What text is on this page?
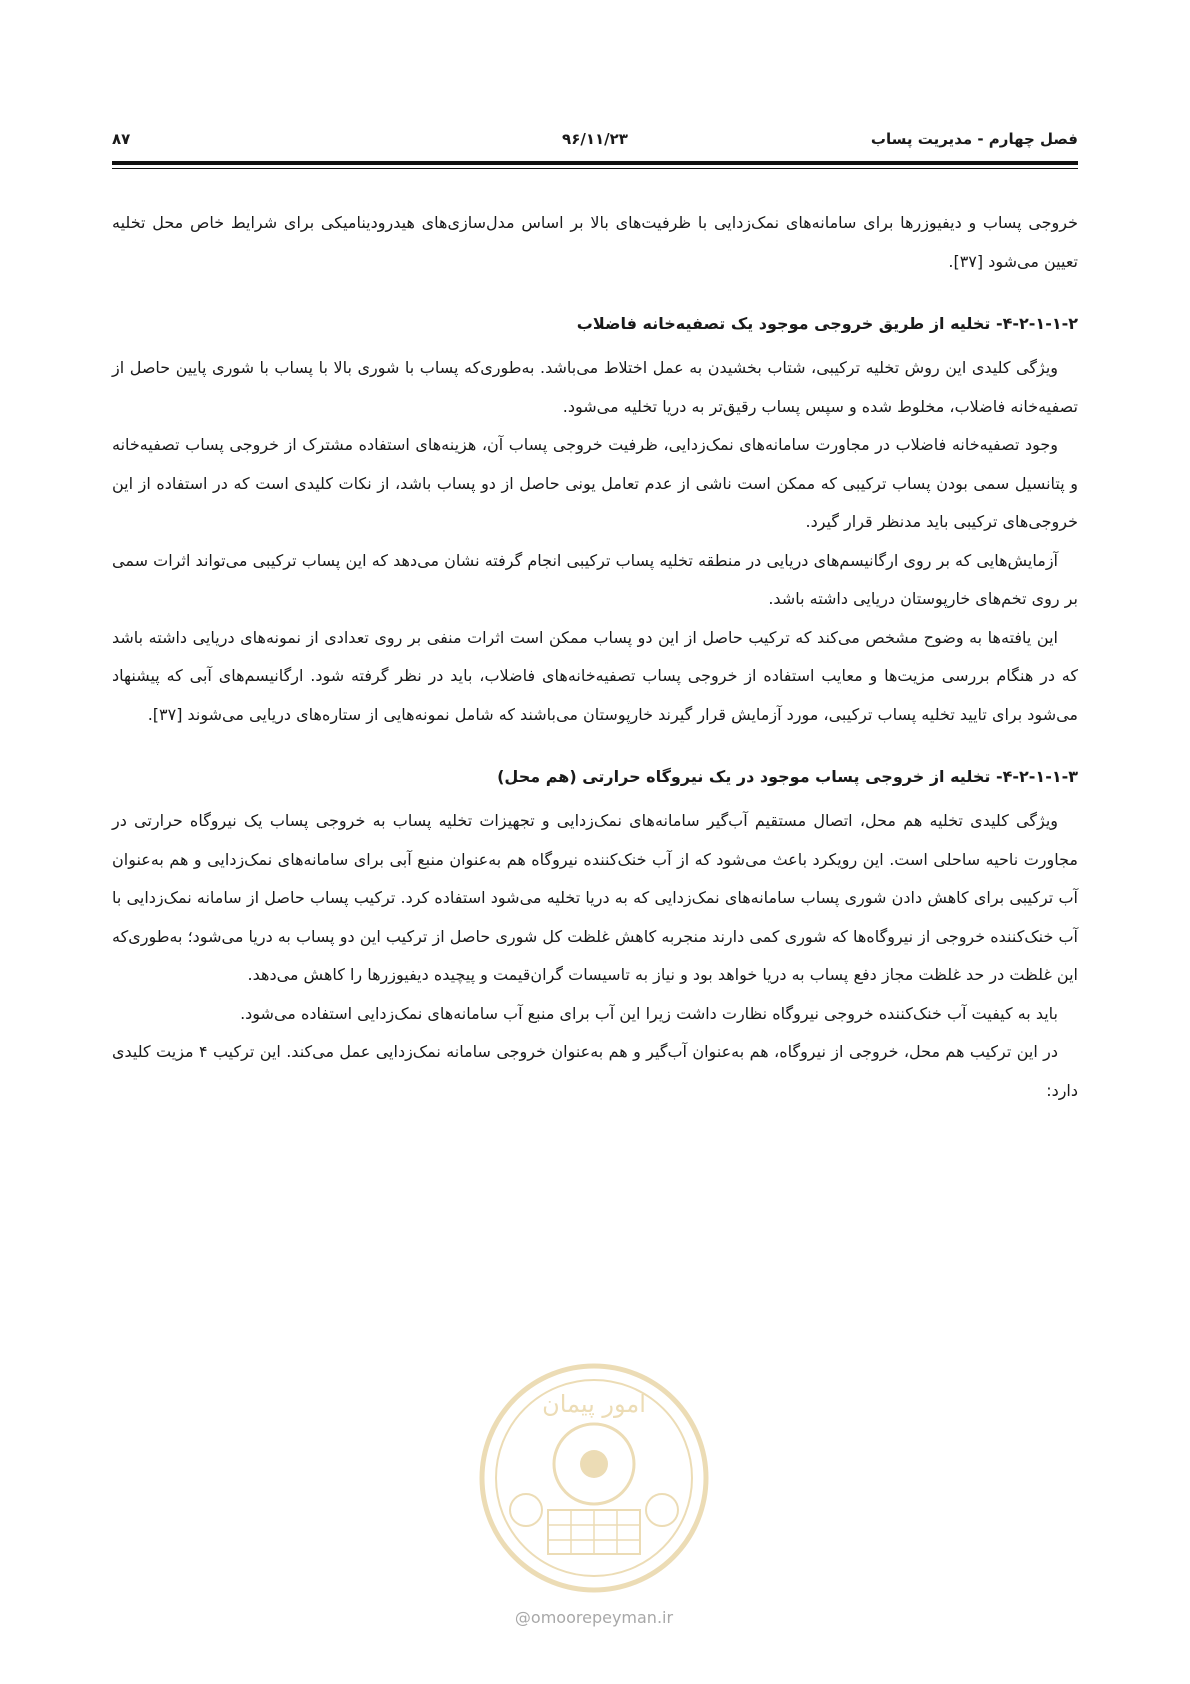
۸۷	۹۶/۱۱/۲۳	فصل چهارم - مدیریت پساب

خروجی پساب و دیفیوزرها برای سامانه‌های نمک‌زدایی با ظرفیت‌های بالا بر اساس مدل‌سازی‌های هیدرودینامیکی برای شرایط خاص محل تخلیه تعیین می‌شود [۳۷].

۴-۲-۱-۱-۲- تخلیه از طریق خروجی موجود یک تصفیه‌خانه فاضلاب

ویژگی کلیدی این روش تخلیه ترکیبی، شتاب بخشیدن به عمل اختلاط می‌باشد. به‌طوری‌که پساب با شوری بالا با پساب با شوری پایین حاصل از تصفیه‌خانه فاضلاب، مخلوط شده و سپس پساب رقیق‌تر به دریا تخلیه می‌شود.

وجود تصفیه‌خانه فاضلاب در مجاورت سامانه‌های نمک‌زدایی، ظرفیت خروجی پساب آن، هزینه‌های استفاده مشترک از خروجی پساب تصفیه‌خانه و پتانسیل سمی بودن پساب ترکیبی که ممکن است ناشی از عدم تعامل یونی حاصل از دو پساب باشد، از نکات کلیدی است که در استفاده از این خروجی‌های ترکیبی باید مدنظر قرار گیرد.

آزمایش‌هایی که بر روی ارگانیسم‌های دریایی در منطقه تخلیه پساب ترکیبی انجام گرفته نشان می‌دهد که این پساب ترکیبی می‌تواند اثرات سمی بر روی تخم‌های خارپوستان دریایی داشته باشد.

این یافته‌ها به وضوح مشخص می‌کند که ترکیب حاصل از این دو پساب ممکن است اثرات منفی بر روی تعدادی از نمونه‌های دریایی داشته باشد که در هنگام بررسی مزیت‌ها و معایب استفاده از خروجی پساب تصفیه‌خانه‌های فاضلاب، باید در نظر گرفته شود. ارگانیسم‌های آبی که پیشنهاد می‌شود برای تایید تخلیه پساب ترکیبی، مورد آزمایش قرار گیرند خارپوستان می‌باشند که شامل نمونه‌هایی از ستاره‌های دریایی می‌شوند [۳۷].

۴-۲-۱-۱-۳- تخلیه از خروجی پساب موجود در یک نیروگاه حرارتی (هم محل)

ویژگی کلیدی تخلیه هم محل، اتصال مستقیم آب‌گیر سامانه‌های نمک‌زدایی و تجهیزات تخلیه پساب به خروجی پساب یک نیروگاه حرارتی در مجاورت ناحیه ساحلی است. این رویکرد باعث می‌شود که از آب خنک‌کننده نیروگاه هم به‌عنوان منبع آبی برای سامانه‌های نمک‌زدایی و هم به‌عنوان آب ترکیبی برای کاهش دادن شوری پساب سامانه‌های نمک‌زدایی که به دریا تخلیه می‌شود استفاده کرد. ترکیب پساب حاصل از سامانه نمک‌زدایی با آب خنک‌کننده خروجی از نیروگاه‌ها که شوری کمی دارند منجربه کاهش غلظت کل شوری حاصل از ترکیب این دو پساب به دریا می‌شود؛ به‌طوری‌که این غلظت در حد غلظت مجاز دفع پساب به دریا خواهد بود و نیاز به تاسیسات گران‌قیمت و پیچیده دیفیوزرها را کاهش می‌دهد.

باید به کیفیت آب خنک‌کننده خروجی نیروگاه نظارت داشت زیرا این آب برای منبع آب سامانه‌های نمک‌زدایی استفاده می‌شود.

در این ترکیب هم محل، خروجی از نیروگاه، هم به‌عنوان آب‌گیر و هم به‌عنوان خروجی سامانه نمک‌زدایی عمل می‌کند. این ترکیب ۴ مزیت کلیدی دارد:

امور پیمان
@omoorepeyman.ir
